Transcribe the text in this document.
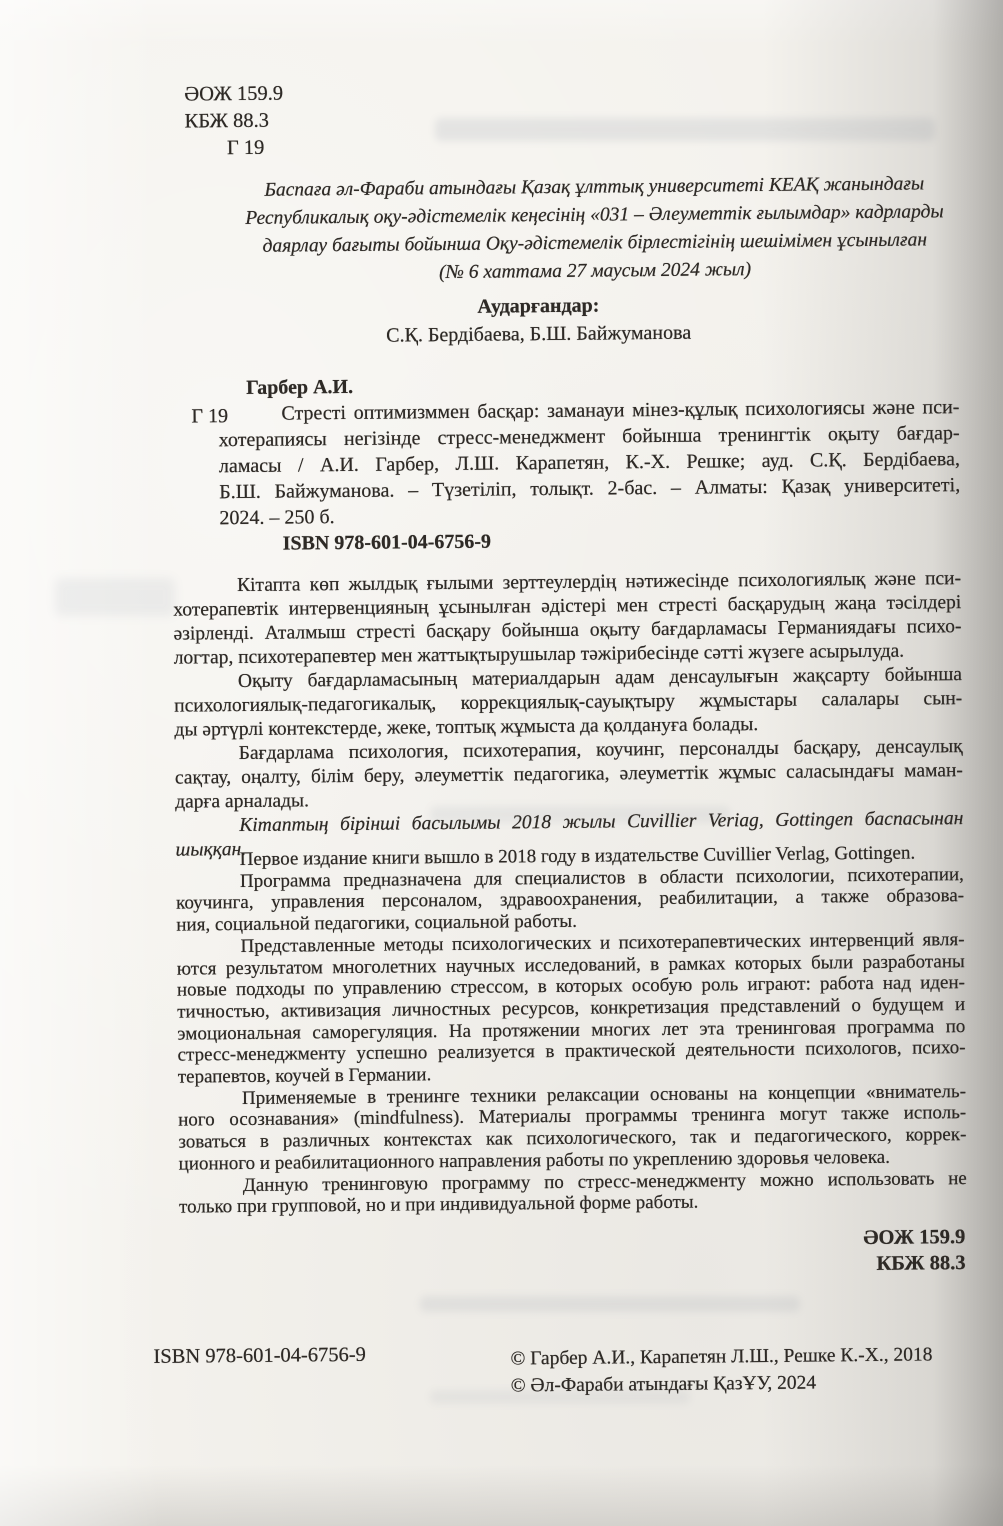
ӘОЖ 159.9
КБЖ 88.3
Г 19
Баспаға әл-Фараби атындағы Қазақ ұлттық университеті КЕАҚ жанындағы
Республикалық оқу-әдістемелік кеңесінің «031 – Әлеуметтік ғылымдар» кадрларды
даярлау бағыты бойынша Оқу-әдістемелік бірлестігінің шешімімен ұсынылған
(№ 6 хаттама 27 маусым 2024 жыл)
Аударғандар:
С.Қ. Бердібаева, Б.Ш. Байжуманова
Гарбер А.И.
Г 19	Стресті оптимизммен басқар: заманауи мінез-құлық психологиясы және пси-
хотерапиясы негізінде стресс-менеджмент бойынша тренингтік оқыту бағдар-
ламасы / А.И. Гарбер, Л.Ш. Карапетян, К.-Х. Решке; ауд. С.Қ. Бердібаева,
Б.Ш. Байжуманова. – Түзетіліп, толықт. 2-бас. – Алматы: Қазақ университеті,
2024. – 250 б.
ISBN 978-601-04-6756-9
Кітапта көп жылдық ғылыми зерттеулердің нәтижесінде психологиялық және пси-
хотерапевтік интервенцияның ұсынылған әдістері мен стресті басқарудың жаңа тәсілдері
әзірленді. Аталмыш стресті басқару бойынша оқыту бағдарламасы Германиядағы психо-
логтар, психотерапевтер мен жаттықтырушылар тәжірибесінде сәтті жүзеге асырылуда.
Оқыту бағдарламасының материалдарын адам денсаулығын жақсарту бойынша
психологиялық-педагогикалық, коррекциялық-сауықтыру жұмыстары салалары сын-
ды әртүрлі контекстерде, жеке, топтық жұмыста да қолдануға болады.
Бағдарлама психология, психотерапия, коучинг, персоналды басқару, денсаулық
сақтау, оңалту, білім беру, әлеуметтік педагогика, әлеуметтік жұмыс саласындағы маман-
дарға арналады.
Кітаптың бірінші басылымы 2018 жылы Cuvillier Veriag, Gottingen баспасынан
шыққан.
Первое издание книги вышло в 2018 году в издательстве Cuvillier Verlag, Gottingen.
Программа предназначена для специалистов в области психологии, психотерапии,
коучинга, управления персоналом, здравоохранения, реабилитации, а также образова-
ния, социальной педагогики, социальной работы.
Представленные методы психологических и психотерапевтических интервенций явля-
ются результатом многолетних научных исследований, в рамках которых были разработаны
новые подходы по управлению стрессом, в которых особую роль играют: работа над иден-
тичностью, активизация личностных ресурсов, конкретизация представлений о будущем и
эмоциональная саморегуляция. На протяжении многих лет эта тренинговая программа по
стресс-менеджменту успешно реализуется в практической деятельности психологов, психо-
терапевтов, коучей в Германии.
Применяемые в тренинге техники релаксации основаны на концепции «вниматель-
ного осознавания» (mindfulness). Материалы программы тренинга могут также исполь-
зоваться в различных контекстах как психологического, так и педагогического, коррек-
ционного и реабилитационного направления работы по укреплению здоровья человека.
Данную тренинговую программу по стресс-менеджменту можно использовать не
только при групповой, но и при индивидуальной форме работы.
ӘОЖ 159.9
КБЖ 88.3
ISBN 978-601-04-6756-9	© Гарбер А.И., Карапетян Л.Ш., Решке К.-Х., 2018
© Әл-Фараби атындағы ҚазҰУ, 2024
